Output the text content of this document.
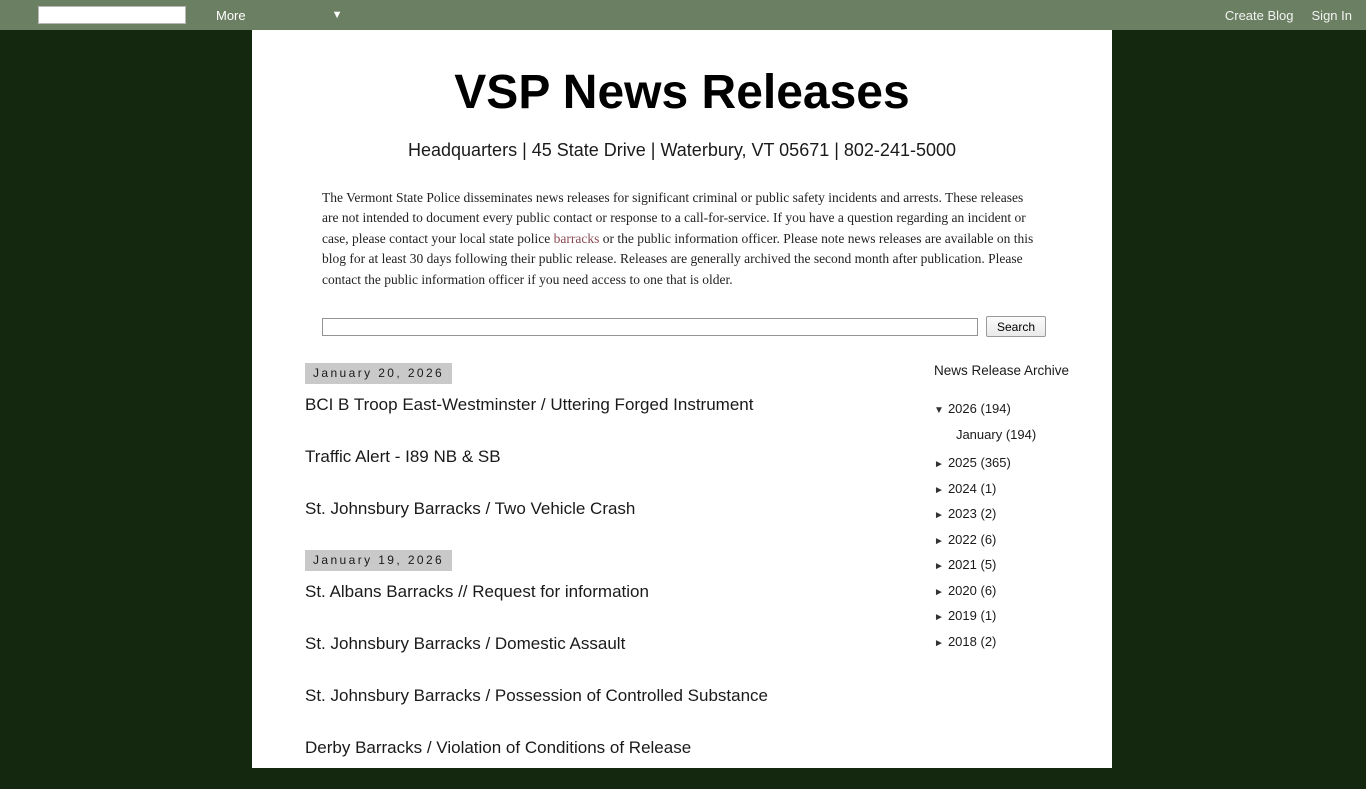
More	▼	Create Blog Sign In
VSP News Releases
Headquarters | 45 State Drive | Waterbury, VT 05671 | 802-241-5000

The Vermont State Police disseminates news releases for significant criminal or public safety incidents and arrests. These releases are not intended to document every public contact or response to a call-for-service. If you have a question regarding an incident or case, please contact your local state police barracks or the public information officer. Please note news releases are available on this blog for at least 30 days following their public release. Releases are generally archived the second month after publication. Please contact the public information officer if you need access to one that is older.

Search
January 20, 2026
BCI B Troop East-Westminster / Uttering Forged Instrument
Traffic Alert - I89 NB & SB
St. Johnsbury Barracks / Two Vehicle Crash
January 19, 2026
St. Albans Barracks // Request for information
St. Johnsbury Barracks / Domestic Assault
St. Johnsbury Barracks / Possession of Controlled Substance
Derby Barracks / Violation of Conditions of Release
News Release Archive
▼ 2026 (194)
January (194)
► 2025 (365)
► 2024 (1)
► 2023 (2)
► 2022 (6)
► 2021 (5)
► 2020 (6)
► 2019 (1)
► 2018 (2)
